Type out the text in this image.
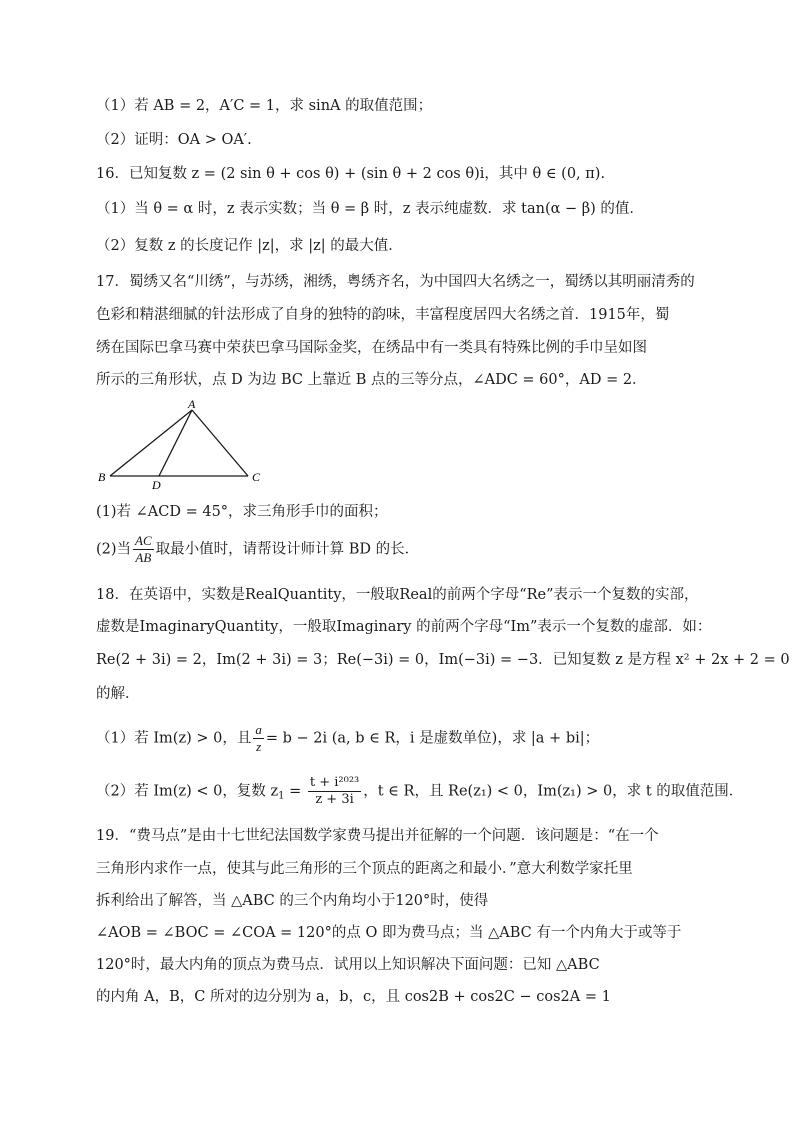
（1）若 AB = 2，A′C = 1，求 sinA 的取值范围；
（2）证明：OA > OA′.
16．已知复数 z = (2 sin θ + cos θ) + (sin θ + 2 cos θ)i，其中 θ ∈ (0, π).
（1）当 θ = α 时，z 表示实数；当 θ = β 时，z 表示纯虚数．求 tan(α − β) 的值．
（2）复数 z 的长度记作 |z|，求 |z| 的最大值．
17．蜀绣又名“川绣”，与苏绣，湘绣，粤绣齐名，为中国四大名绣之一，蜀绣以其明丽清秀的
色彩和精湛细腻的针法形成了自身的独特的韵味，丰富程度居四大名绣之首．1915年，蜀
绣在国际巴拿马赛中荣获巴拿马国际金奖，在绣品中有一类具有特殊比例的手巾呈如图
所示的三角形状，点 D 为边 BC 上靠近 B 点的三等分点，∠ADC = 60°，AD = 2．
A
B	C
D
(1)若 ∠ACD = 45°，求三角形手巾的面积；
(2)当 $\frac{AC}{AB}$ 取最小值时，请帮设计师计算 BD 的长．
18．在英语中，实数是RealQuantity，一般取Real的前两个字母“Re”表示一个复数的实部，
虚数是ImaginaryQuantity，一般取Imaginary 的前两个字母“Im”表示一个复数的虚部．如：
Re(2 + 3i) = 2，Im(2 + 3i) = 3；Re(−3i) = 0，Im(−3i) = −3．已知复数 z 是方程 x² + 2x + 2 = 0
的解．
（1）若 Im(z) > 0，且 $\frac{a}{z} = b - 2i$ (a, b ∈ R，i 是虚数单位)，求 |a + bi|；
（2）若 Im(z) < 0，复数 $z_1 = \frac{\text{t + i²⁰²³}}{z + 3i}$ ，t ∈ R，且 Re(z₁) < 0，Im(z₁) > 0，求 t 的取值范围．
19．“费马点”是由十七世纪法国数学家费马提出并征解的一个问题．该问题是：“在一个
三角形内求作一点，使其与此三角形的三个顶点的距离之和最小．”意大利数学家托里
拆利给出了解答，当 △ABC 的三个内角均小于120°时，使得
∠AOB = ∠BOC = ∠COA = 120°的点 O 即为费马点；当 △ABC 有一个内角大于或等于
120°时，最大内角的顶点为费马点．试用以上知识解决下面问题：已知 △ABC
的内角 A，B，C 所对的边分别为 a，b，c，且 cos2B + cos2C − cos2A = 1
